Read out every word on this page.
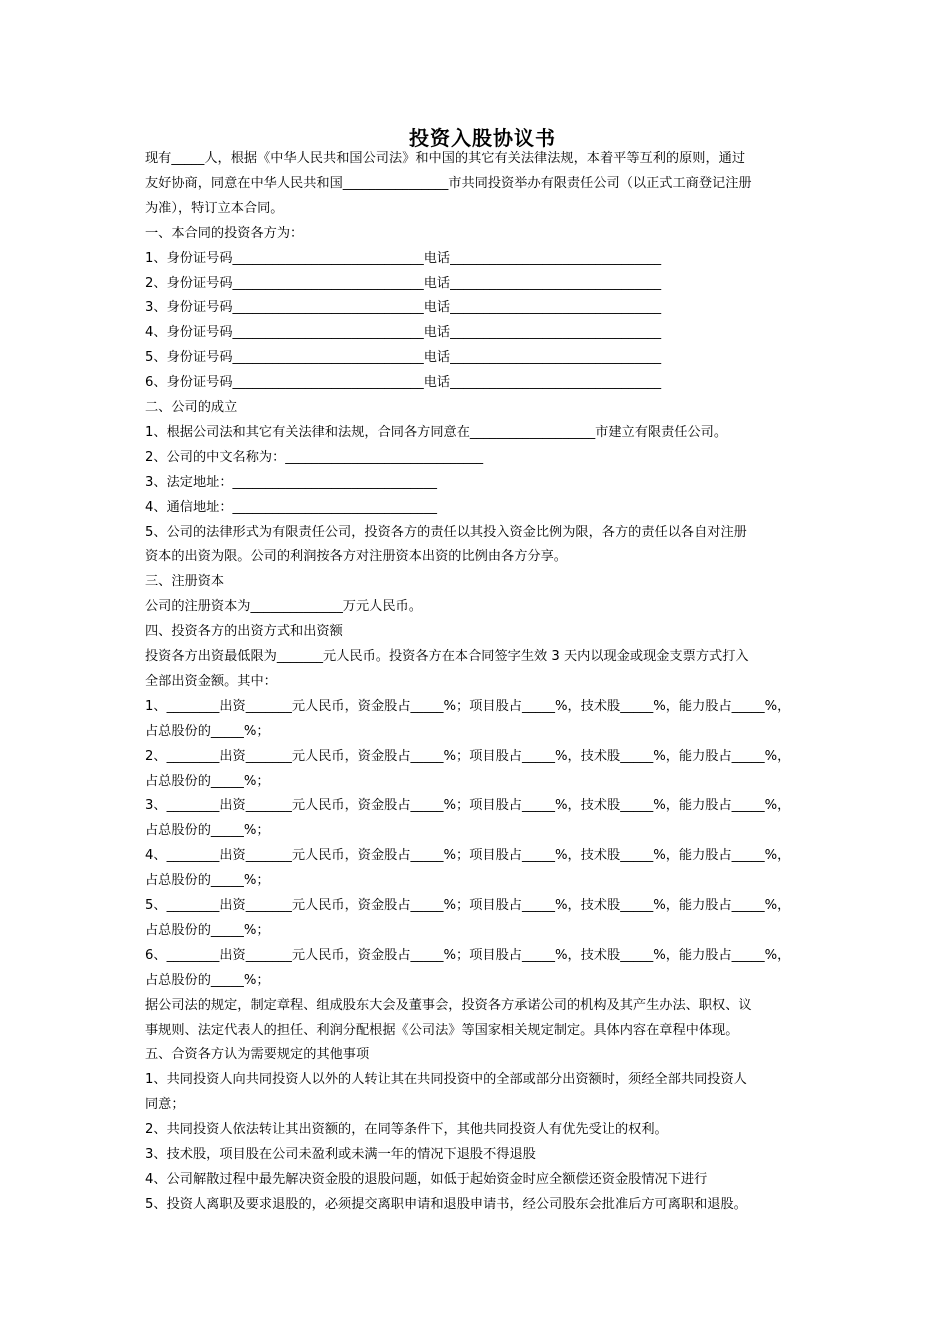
投资入股协议书
现有_____人，根据《中华人民共和国公司法》和中国的其它有关法律法规，本着平等互利的原则，通过
友好协商，同意在中华人民共和国________________市共同投资举办有限责任公司（以正式工商登记注册
为准），特订立本合同。
一、本合同的投资各方为：
1、身份证号码_____________________________电话________________________________
2、身份证号码_____________________________电话________________________________
3、身份证号码_____________________________电话________________________________
4、身份证号码_____________________________电话________________________________
5、身份证号码_____________________________电话________________________________
6、身份证号码_____________________________电话________________________________
二、公司的成立
1、根据公司法和其它有关法律和法规，合同各方同意在___________________市建立有限责任公司。
2、公司的中文名称为：______________________________
3、法定地址：_______________________________
4、通信地址：_______________________________
5、公司的法律形式为有限责任公司，投资各方的责任以其投入资金比例为限，各方的责任以各自对注册
资本的出资为限。公司的利润按各方对注册资本出资的比例由各方分享。
三、注册资本
公司的注册资本为______________万元人民币。
四、投资各方的出资方式和出资额
投资各方出资最低限为_______元人民币。投资各方在本合同签字生效 3 天内以现金或现金支票方式打入
全部出资金额。其中：
1、________出资_______元人民币，资金股占_____%；项目股占_____%，技术股_____%，能力股占_____%，
占总股份的_____%；
2、________出资_______元人民币，资金股占_____%；项目股占_____%，技术股_____%，能力股占_____%，
占总股份的_____%；
3、________出资_______元人民币，资金股占_____%；项目股占_____%，技术股_____%，能力股占_____%，
占总股份的_____%；
4、________出资_______元人民币，资金股占_____%；项目股占_____%，技术股_____%，能力股占_____%，
占总股份的_____%；
5、________出资_______元人民币，资金股占_____%；项目股占_____%，技术股_____%，能力股占_____%，
占总股份的_____%；
6、________出资_______元人民币，资金股占_____%；项目股占_____%，技术股_____%，能力股占_____%，
占总股份的_____%；
据公司法的规定，制定章程、组成股东大会及董事会，投资各方承诺公司的机构及其产生办法、职权、议
事规则、法定代表人的担任、利润分配根据《公司法》等国家相关规定制定。具体内容在章程中体现。
五、合资各方认为需要规定的其他事项
1、共同投资人向共同投资人以外的人转让其在共同投资中的全部或部分出资额时，须经全部共同投资人
同意；
2、共同投资人依法转让其出资额的，在同等条件下，其他共同投资人有优先受让的权利。
3、技术股，项目股在公司未盈利或未满一年的情况下退股不得退股
4、公司解散过程中最先解决资金股的退股问题，如低于起始资金时应全额偿还资金股情况下进行
5、投资人离职及要求退股的，必须提交离职申请和退股申请书，经公司股东会批准后方可离职和退股。
